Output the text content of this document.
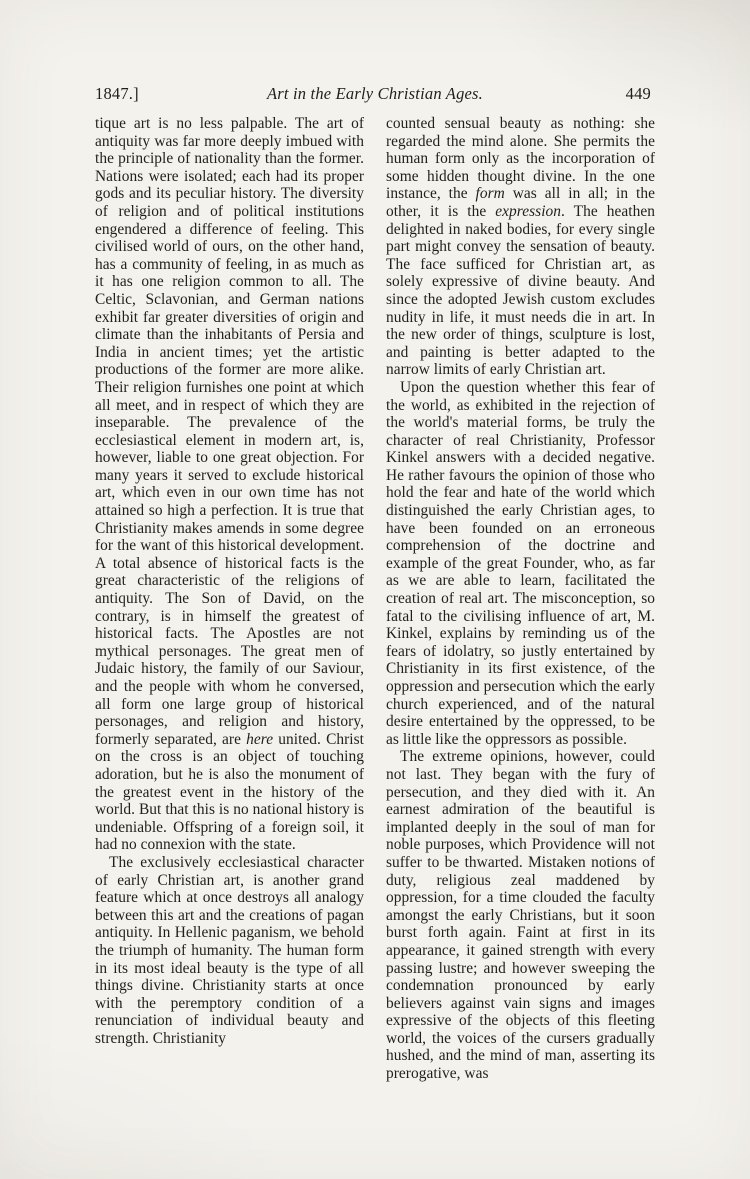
1847.]	Art in the Early Christian Ages.	449

tique art is no less palpable. The art of antiquity was far more deeply imbued with the principle of nationality than the former. Nations were isolated; each had its proper gods and its peculiar history. The diversity of religion and of political institutions engendered a difference of feeling. This civilised world of ours, on the other hand, has a community of feeling, in as much as it has one religion common to all. The Celtic, Sclavonian, and German nations exhibit far greater diversities of origin and climate than the inhabitants of Persia and India in ancient times; yet the artistic productions of the former are more alike. Their religion furnishes one point at which all meet, and in respect of which they are inseparable. The prevalence of the ecclesiastical element in modern art, is, however, liable to one great objection. For many years it served to exclude historical art, which even in our own time has not attained so high a perfection. It is true that Christianity makes amends in some degree for the want of this historical development. A total absence of historical facts is the great characteristic of the religions of antiquity. The Son of David, on the contrary, is in himself the greatest of historical facts. The Apostles are not mythical personages. The great men of Judaic history, the family of our Saviour, and the people with whom he conversed, all form one large group of historical personages, and religion and history, formerly separated, are here united. Christ on the cross is an object of touching adoration, but he is also the monument of the greatest event in the history of the world. But that this is no national history is undeniable. Offspring of a foreign soil, it had no connexion with the state.

The exclusively ecclesiastical character of early Christian art, is another grand feature which at once destroys all analogy between this art and the creations of pagan antiquity. In Hellenic paganism, we behold the triumph of humanity. The human form in its most ideal beauty is the type of all things divine. Christianity starts at once with the peremptory condition of a renunciation of individual beauty and strength. Christianity

counted sensual beauty as nothing: she regarded the mind alone. She permits the human form only as the incorporation of some hidden thought divine. In the one instance, the form was all in all; in the other, it is the expression. The heathen delighted in naked bodies, for every single part might convey the sensation of beauty. The face sufficed for Christian art, as solely expressive of divine beauty. And since the adopted Jewish custom excludes nudity in life, it must needs die in art. In the new order of things, sculpture is lost, and painting is better adapted to the narrow limits of early Christian art.

Upon the question whether this fear of the world, as exhibited in the rejection of the world's material forms, be truly the character of real Christianity, Professor Kinkel answers with a decided negative. He rather favours the opinion of those who hold the fear and hate of the world which distinguished the early Christian ages, to have been founded on an erroneous comprehension of the doctrine and example of the great Founder, who, as far as we are able to learn, facilitated the creation of real art. The misconception, so fatal to the civilising influence of art, M. Kinkel, explains by reminding us of the fears of idolatry, so justly entertained by Christianity in its first existence, of the oppression and persecution which the early church experienced, and of the natural desire entertained by the oppressed, to be as little like the oppressors as possible.

The extreme opinions, however, could not last. They began with the fury of persecution, and they died with it. An earnest admiration of the beautiful is implanted deeply in the soul of man for noble purposes, which Providence will not suffer to be thwarted. Mistaken notions of duty, religious zeal maddened by oppression, for a time clouded the faculty amongst the early Christians, but it soon burst forth again. Faint at first in its appearance, it gained strength with every passing lustre; and however sweeping the condemnation pronounced by early believers against vain signs and images expressive of the objects of this fleeting world, the voices of the cursers gradually hushed, and the mind of man, asserting its prerogative, was
